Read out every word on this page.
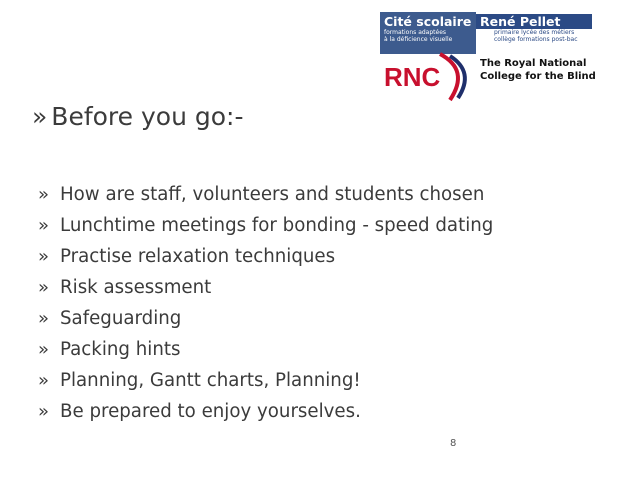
Cité scolaire
formations adaptées
à la déficience visuelle
René Pellet
primaire lycée des métiers
collège formations post-bac
RNC	The Royal National
College for the Blind
» Before you go:-
» How are staff, volunteers and students chosen
» Lunchtime meetings for bonding - speed dating
» Practise relaxation techniques
» Risk assessment
» Safeguarding
» Packing hints
» Planning, Gantt charts, Planning!
» Be prepared to enjoy yourselves.
8
